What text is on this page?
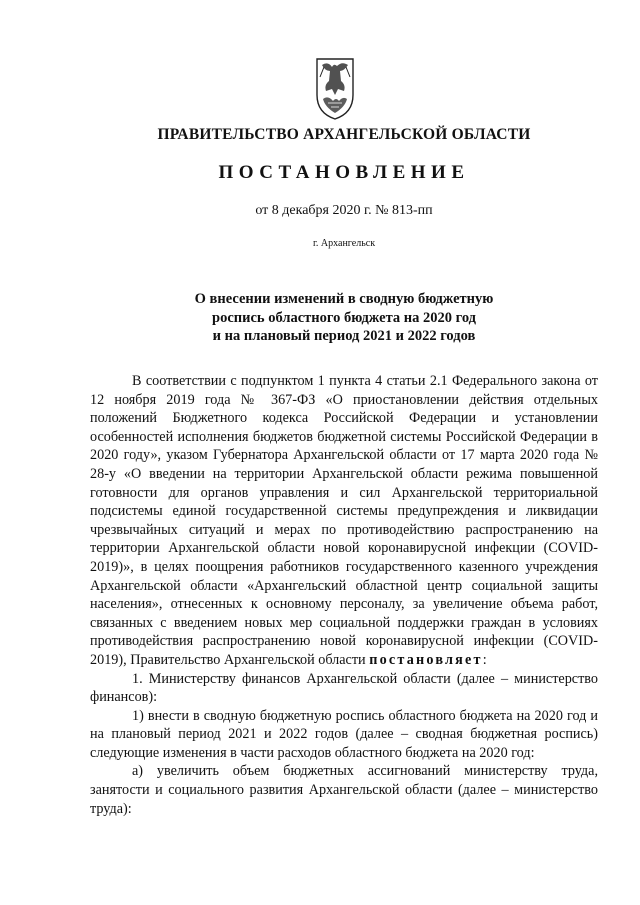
ПРАВИТЕЛЬСТВО АРХАНГЕЛЬСКОЙ ОБЛАСТИ
ПОСТАНОВЛЕНИЕ
от 8 декабря 2020 г. № 813-пп
г. Архангельск
О внесении изменений в сводную бюджетную
роспись областного бюджета на 2020 год
и на плановый период 2021 и 2022 годов

В соответствии с подпунктом 1 пункта 4 статьи 2.1 Федерального закона от 12 ноября 2019 года № 367-ФЗ «О приостановлении действия отдельных положений Бюджетного кодекса Российской Федерации и установлении особенностей исполнения бюджетов бюджетной системы Российской Федерации в 2020 году», указом Губернатора Архангельской области от 17 марта 2020 года № 28-у «О введении на территории Архангельской области режима повышенной готовности для органов управления и сил Архангельской территориальной подсистемы единой государственной системы предупреждения и ликвидации чрезвычайных ситуаций и мерах по противодействию распространению на территории Архангельской области новой коронавирусной инфекции (COVID-2019)», в целях поощрения работников государственного казенного учреждения Архангельской области «Архангельский областной центр социальной защиты населения», отнесенных к основному персоналу, за увеличение объема работ, связанных с введением новых мер социальной поддержки граждан в условиях противодействия распространению новой коронавирусной инфекции (COVID-2019), Правительство Архангельской области постановляет:

1. Министерству финансов Архангельской области (далее – министерство финансов):

1) внести в сводную бюджетную роспись областного бюджета на 2020 год и на плановый период 2021 и 2022 годов (далее – сводная бюджетная роспись) следующие изменения в части расходов областного бюджета на 2020 год:

а) увеличить объем бюджетных ассигнований министерству труда, занятости и социального развития Архангельской области (далее – министерство труда):
